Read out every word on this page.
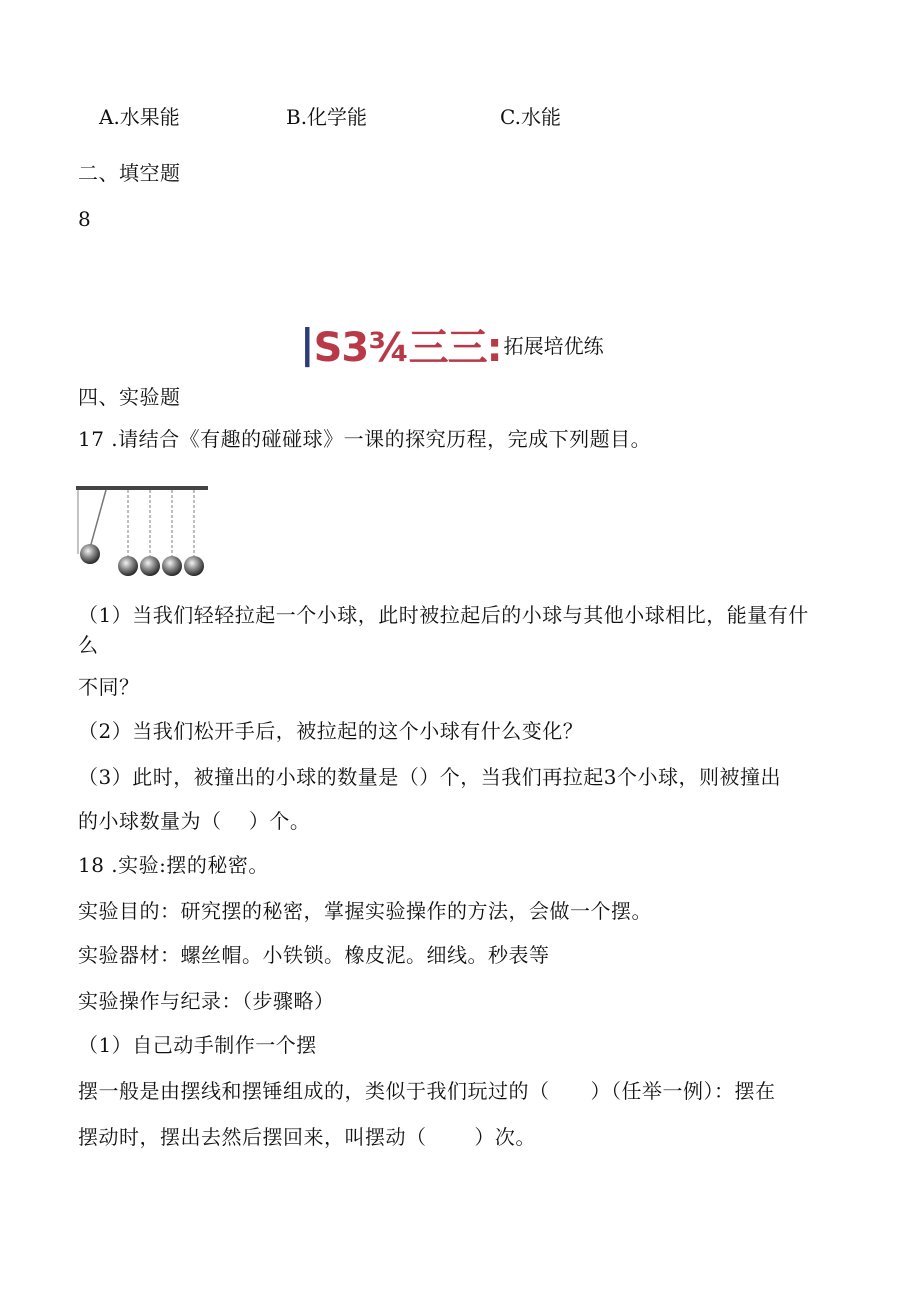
A.水果能	B.化学能	C.水能
二、填空题
8
|S3¾三三: 拓展培优练
四、实验题
17 .请结合《有趣的碰碰球》一课的探究历程，完成下列题目。
（1）当我们轻轻拉起一个小球，此时被拉起后的小球与其他小球相比，能量有什
么
不同？
（2）当我们松开手后，被拉起的这个小球有什么变化？
（3）此时，被撞出的小球的数量是（）个，当我们再拉起3个小球，则被撞出
的小球数量为（　 ）个。
18 .实验:摆的秘密。
实验目的：研究摆的秘密，掌握实验操作的方法，会做一个摆。
实验器材：螺丝帽。小铁锁。橡皮泥。细线。秒表等
实验操作与纪录：（步骤略）
（1）自己动手制作一个摆
摆一般是由摆线和摆锤组成的，类似于我们玩过的（　　）（任举一例）：摆在
摆动时，摆出去然后摆回来，叫摆动（　　 ）次。
